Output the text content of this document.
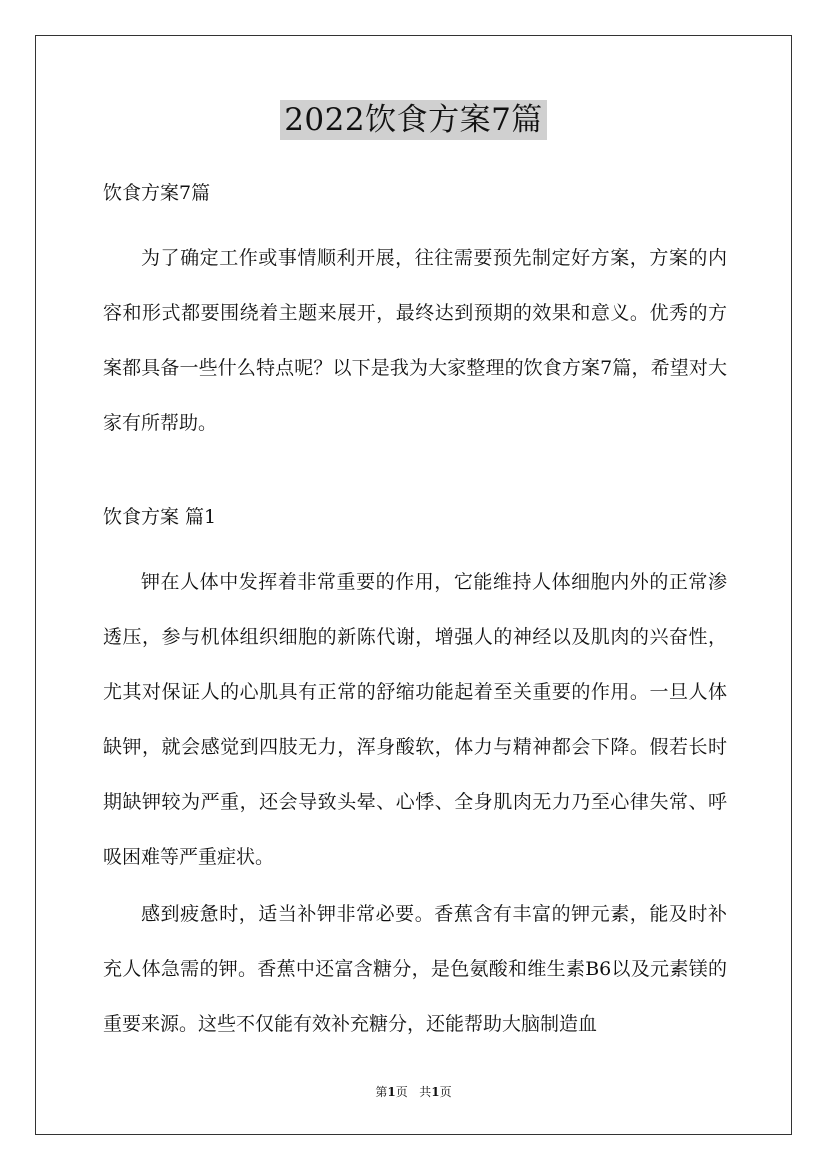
2022饮食方案7篇

饮食方案7篇

为了确定工作或事情顺利开展，往往需要预先制定好方案，方案的内容和形式都要围绕着主题来展开，最终达到预期的效果和意义。优秀的方案都具备一些什么特点呢？以下是我为大家整理的饮食方案7篇，希望对大家有所帮助。

饮食方案 篇1

钾在人体中发挥着非常重要的作用，它能维持人体细胞内外的正常渗透压，参与机体组织细胞的新陈代谢，增强人的神经以及肌肉的兴奋性，尤其对保证人的心肌具有正常的舒缩功能起着至关重要的作用。一旦人体缺钾，就会感觉到四肢无力，浑身酸软，体力与精神都会下降。假若长时期缺钾较为严重，还会导致头晕、心悸、全身肌肉无力乃至心律失常、呼吸困难等严重症状。

感到疲惫时，适当补钾非常必要。香蕉含有丰富的钾元素，能及时补充人体急需的钾。香蕉中还富含糖分，是色氨酸和维生素B6以及元素镁的重要来源。这些不仅能有效补充糖分，还能帮助大脑制造血

第1页 共1页
